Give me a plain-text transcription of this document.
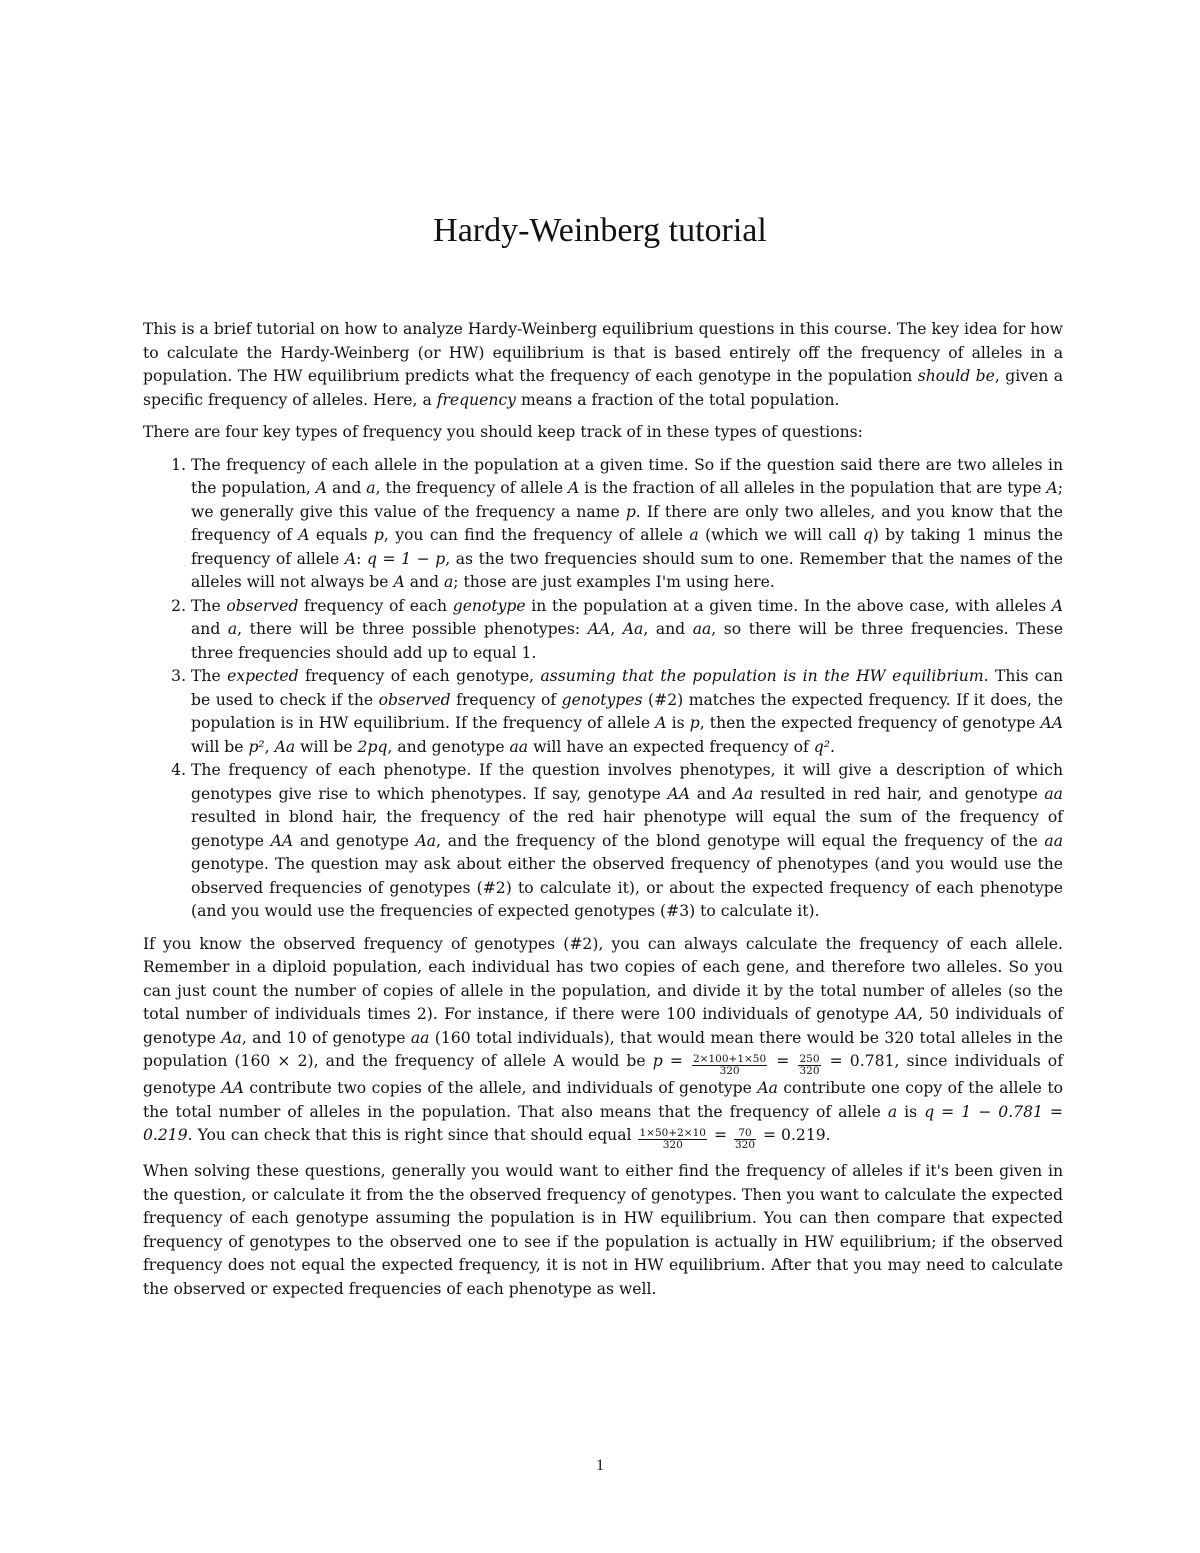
Hardy-Weinberg tutorial

This is a brief tutorial on how to analyze Hardy-Weinberg equilibrium questions in this course. The key idea for how to calculate the Hardy-Weinberg (or HW) equilibrium is that is based entirely off the frequency of alleles in a population. The HW equilibrium predicts what the frequency of each genotype in the population should be, given a specific frequency of alleles. Here, a frequency means a fraction of the total population.

There are four key types of frequency you should keep track of in these types of questions:

1. The frequency of each allele in the population at a given time. So if the question said there are two alleles in the population, A and a, the frequency of allele A is the fraction of all alleles in the population that are type A; we generally give this value of the frequency a name p. If there are only two alleles, and you know that the frequency of A equals p, you can find the frequency of allele a (which we will call q) by taking 1 minus the frequency of allele A: q = 1 − p, as the two frequencies should sum to one. Remember that the names of the alleles will not always be A and a; those are just examples I'm using here.
2. The observed frequency of each genotype in the population at a given time. In the above case, with alleles A and a, there will be three possible phenotypes: AA, Aa, and aa, so there will be three frequencies. These three frequencies should add up to equal 1.
3. The expected frequency of each genotype, assuming that the population is in the HW equilibrium. This can be used to check if the observed frequency of genotypes (#2) matches the expected frequency. If it does, the population is in HW equilibrium. If the frequency of allele A is p, then the expected frequency of genotype AA will be p², Aa will be 2pq, and genotype aa will have an expected frequency of q².
4. The frequency of each phenotype. If the question involves phenotypes, it will give a description of which genotypes give rise to which phenotypes. If say, genotype AA and Aa resulted in red hair, and genotype aa resulted in blond hair, the frequency of the red hair phenotype will equal the sum of the frequency of genotype AA and genotype Aa, and the frequency of the blond genotype will equal the frequency of the aa genotype. The question may ask about either the observed frequency of phenotypes (and you would use the observed frequencies of genotypes (#2) to calculate it), or about the expected frequency of each phenotype (and you would use the frequencies of expected genotypes (#3) to calculate it).

If you know the observed frequency of genotypes (#2), you can always calculate the frequency of each allele. Remember in a diploid population, each individual has two copies of each gene, and therefore two alleles. So you can just count the number of copies of allele in the population, and divide it by the total number of alleles (so the total number of individuals times 2). For instance, if there were 100 individuals of genotype AA, 50 individuals of genotype Aa, and 10 of genotype aa (160 total individuals), that would mean there would be 320 total alleles in the population (160 × 2), and the frequency of allele A would be $p = \frac{2\times 100+1\times 50}{320} = \frac{250}{320} = 0.781$, since individuals of genotype AA contribute two copies of the allele, and individuals of genotype Aa contribute one copy of the allele to the total number of alleles in the population. That also means that the frequency of allele a is q = 1 − 0.781 = 0.219. You can check that this is right since that should equal $\frac{1\times 50+2\times 10}{320} = \frac{70}{320} = 0.219$.

When solving these questions, generally you would want to either find the frequency of alleles if it's been given in the question, or calculate it from the the observed frequency of genotypes. Then you want to calculate the expected frequency of each genotype assuming the population is in HW equilibrium. You can then compare that expected frequency of genotypes to the observed one to see if the population is actually in HW equilibrium; if the observed frequency does not equal the expected frequency, it is not in HW equilibrium. After that you may need to calculate the observed or expected frequencies of each phenotype as well.

1
